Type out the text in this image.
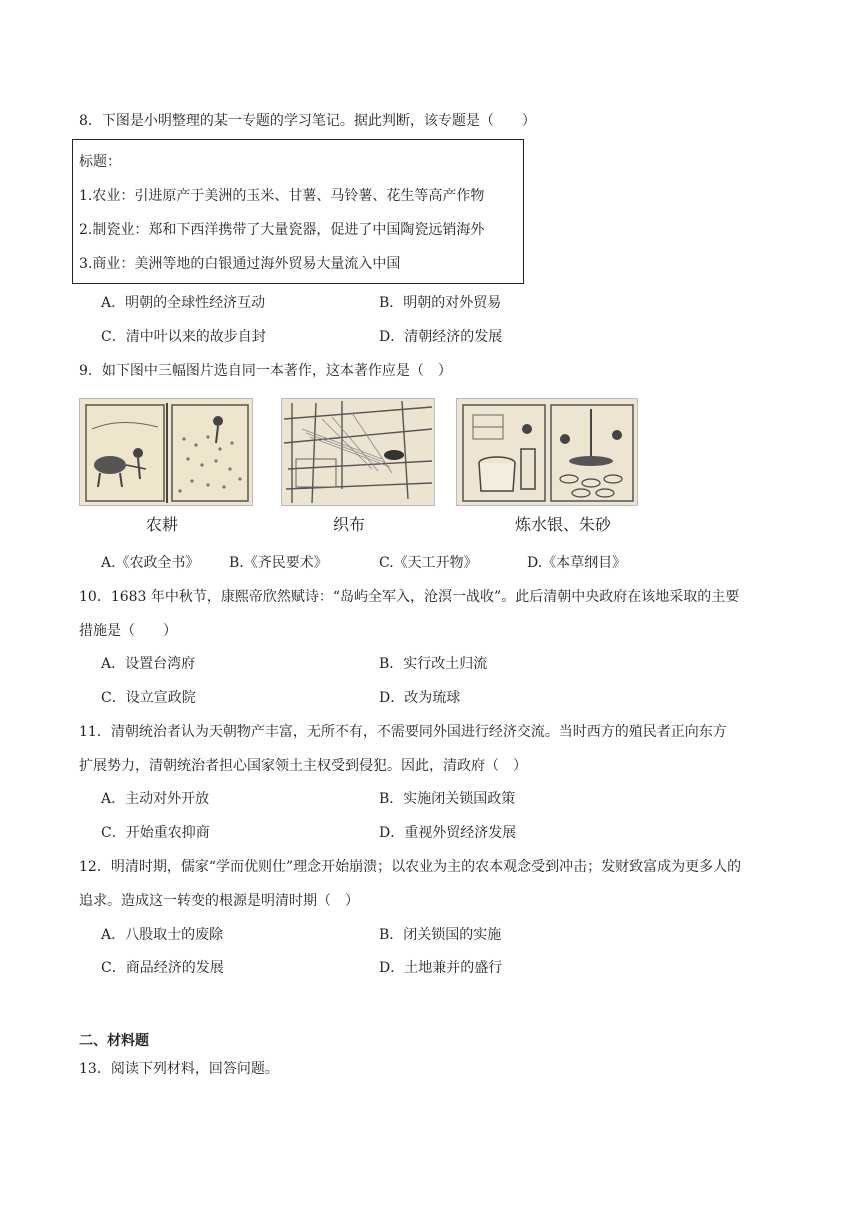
8．下图是小明整理的某一专题的学习笔记。据此判断，该专题是（　　）
标题：
1.农业：引进原产于美洲的玉米、甘薯、马铃薯、花生等高产作物
2.制瓷业：郑和下西洋携带了大量瓷器，促进了中国陶瓷远销海外
3.商业：美洲等地的白银通过海外贸易大量流入中国
A．明朝的全球性经济互动	B．明朝的对外贸易
C．清中叶以来的故步自封	D．清朝经济的发展
9．如下图中三幅图片选自同一本著作，这本著作应是（　）
农耕	织布	炼水银、朱砂
A.《农政全书》 B.《齐民要术》	C.《天工开物》	D.《本草纲目》
10．1683 年中秋节，康熙帝欣然赋诗：“岛屿全军入，沧溟一战收”。此后清朝中央政府在该地采取的主要
措施是（　　）
A．设置台湾府	B．实行改土归流
C．设立宣政院	D．改为琉球
11．清朝统治者认为天朝物产丰富，无所不有，不需要同外国进行经济交流。当时西方的殖民者正向东方
扩展势力，清朝统治者担心国家领土主权受到侵犯。因此，清政府（　）
A．主动对外开放	B．实施闭关锁国政策
C．开始重农抑商	D．重视外贸经济发展
12．明清时期，儒家“学而优则仕”理念开始崩溃；以农业为主的农本观念受到冲击；发财致富成为更多人的
追求。造成这一转变的根源是明清时期（　）
A．八股取士的废除	B．闭关锁国的实施
C．商品经济的发展	D．土地兼并的盛行
二、材料题
13．阅读下列材料，回答问题。
